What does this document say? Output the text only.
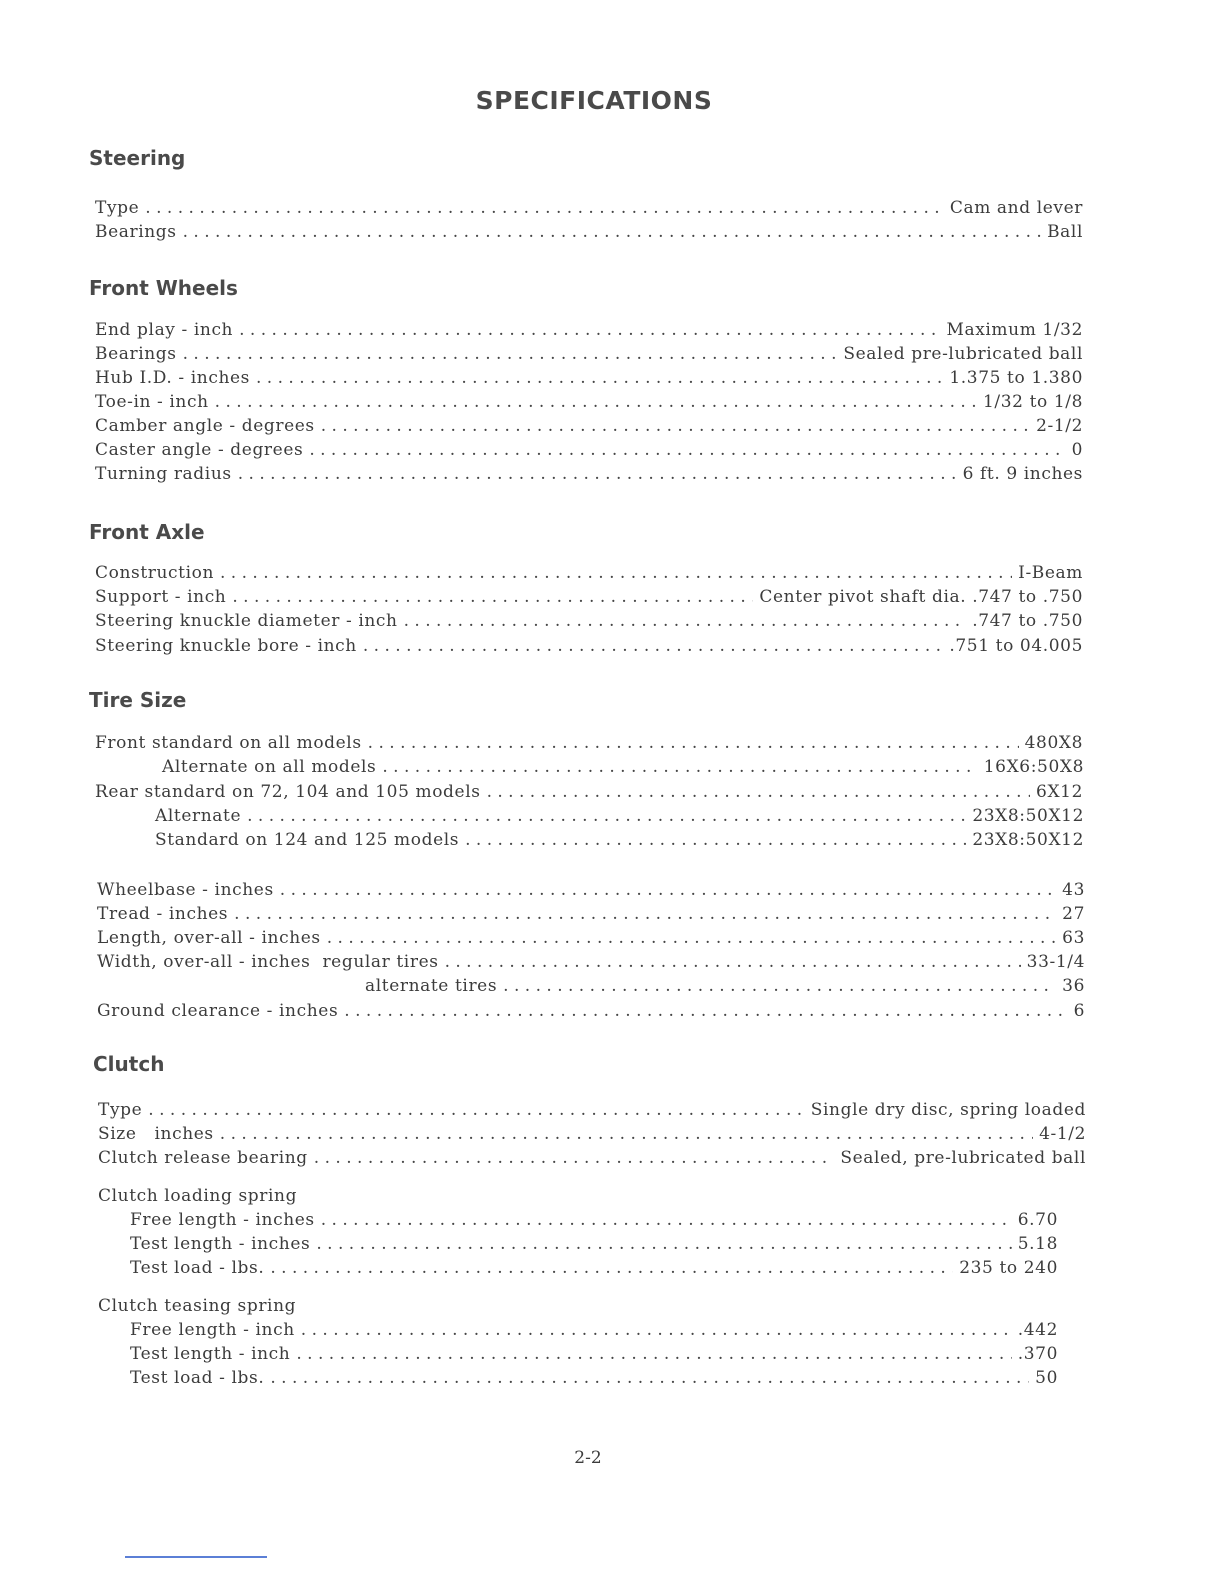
SPECIFICATIONS
Steering
Type . . .	Cam and lever
Bearings . . .	Ball
Front Wheels
End play - inch . . .	Maximum 1/32
Bearings . . .	Sealed pre-lubricated ball
Hub I.D. - inches . . .	1.375 to 1.380
Toe-in - inch . . .	1/32 to 1/8
Camber angle - degrees . . .	2-1/2
Caster angle - degrees . . .	0
Turning radius . . .	6 ft. 9 inches
Front Axle
Construction . . .	I-Beam
Support - inch . . .	Center pivot shaft dia. .747 to .750
Steering knuckle diameter - inch . . .	.747 to .750
Steering knuckle bore - inch . . .	.751 to 04.005
Tire Size
Front standard on all models . . .	480X8
Alternate on all models . . .	16X6:50X8
Rear standard on 72, 104 and 105 models . . .	6X12
Alternate . . .	23X8:50X12
Standard on 124 and 125 models . . .	23X8:50X12
Wheelbase - inches . . .	43
Tread - inches . . .	27
Length, over-all - inches . . .	63
Width, over-all - inches  regular tires . . .	33-1/4
alternate tires . . .	36
Ground clearance - inches . . .	6
Clutch
Type . . .	Single dry disc, spring loaded
Size   inches . . .	4-1/2
Clutch release bearing . . .	Sealed, pre-lubricated ball
Clutch loading spring
Free length - inches . . .	6.70
Test length - inches . . .	5.18
Test load - lbs. . . .	235 to 240
Clutch teasing spring
Free length - inch . . .	.442
Test length - inch . . .	.370
Test load - lbs. . . .	50
2-2
